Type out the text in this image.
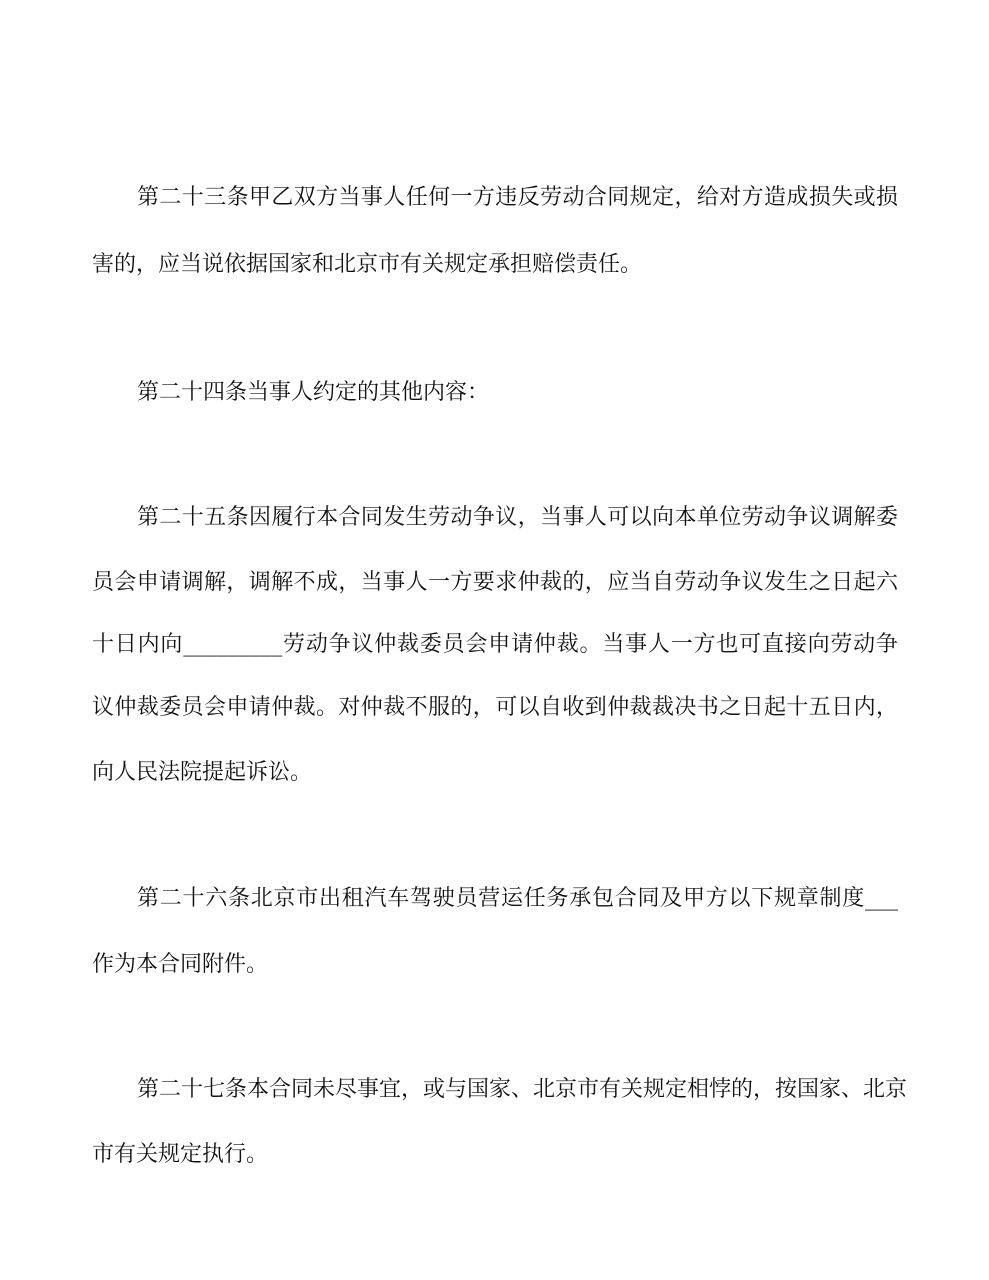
第二十三条甲乙双方当事人任何一方违反劳动合同规定，给对方造成损失或损
害的，应当说依据国家和北京市有关规定承担赔偿责任。
第二十四条当事人约定的其他内容：
第二十五条因履行本合同发生劳动争议，当事人可以向本单位劳动争议调解委
员会申请调解，调解不成，当事人一方要求仲裁的，应当自劳动争议发生之日起六
十日内向_________劳动争议仲裁委员会申请仲裁。当事人一方也可直接向劳动争
议仲裁委员会申请仲裁。对仲裁不服的，可以自收到仲裁裁决书之日起十五日内，
向人民法院提起诉讼。
第二十六条北京市出租汽车驾驶员营运任务承包合同及甲方以下规章制度___
作为本合同附件。
第二十七条本合同未尽事宜，或与国家、北京市有关规定相悖的，按国家、北京
市有关规定执行。
